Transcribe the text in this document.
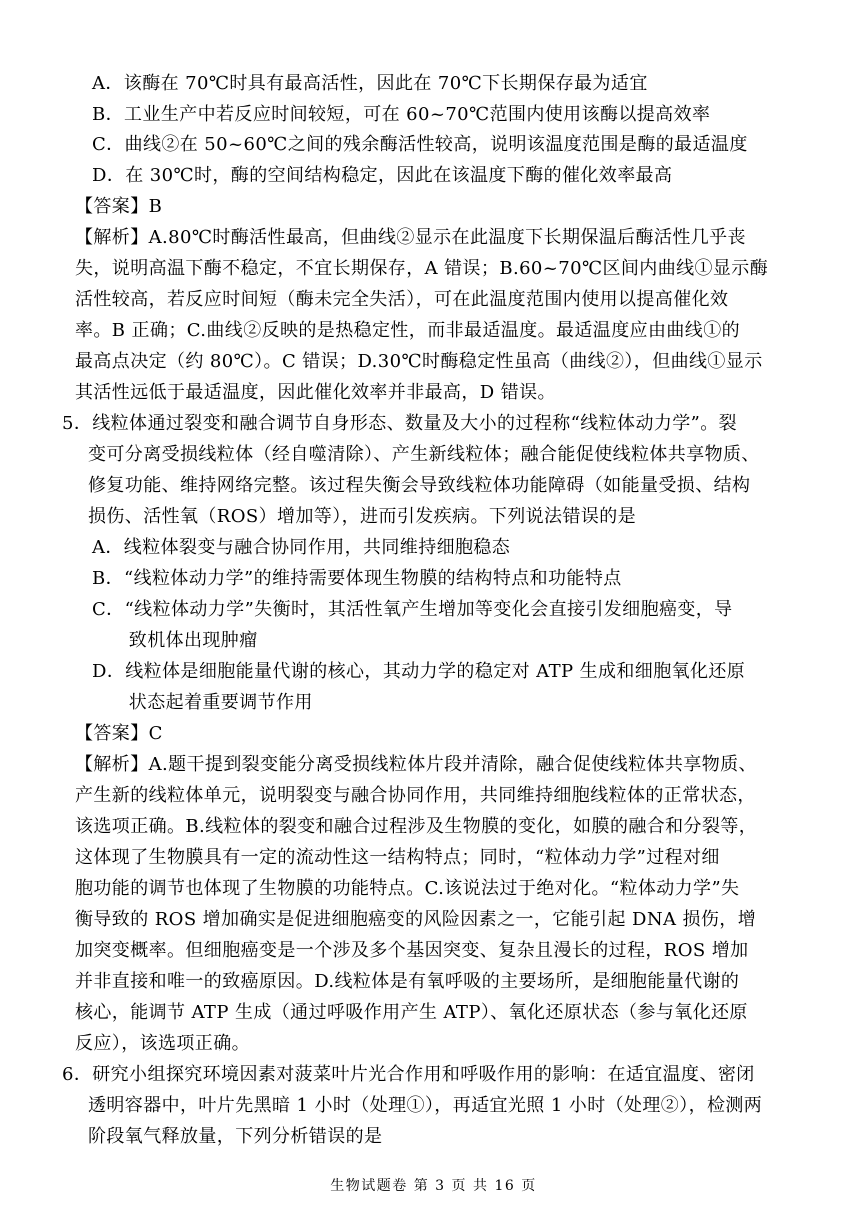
A．该酶在 70℃时具有最高活性，因此在 70℃下长期保存最为适宜
B．工业生产中若反应时间较短，可在 60~70℃范围内使用该酶以提高效率
C．曲线②在 50~60℃之间的残余酶活性较高，说明该温度范围是酶的最适温度
D．在 30℃时，酶的空间结构稳定，因此在该温度下酶的催化效率最高
【答案】B
【解析】A.80℃时酶活性最高，但曲线②显示在此温度下长期保温后酶活性几乎丧
失，说明高温下酶不稳定，不宜长期保存，A 错误；B.60~70℃区间内曲线①显示酶
活性较高，若反应时间短（酶未完全失活），可在此温度范围内使用以提高催化效
率。B 正确；C.曲线②反映的是热稳定性，而非最适温度。最适温度应由曲线①的
最高点决定（约 80℃）。C 错误；D.30℃时酶稳定性虽高（曲线②），但曲线①显示
其活性远低于最适温度，因此催化效率并非最高，D 错误。
5．线粒体通过裂变和融合调节自身形态、数量及大小的过程称“线粒体动力学”。裂
变可分离受损线粒体（经自噬清除）、产生新线粒体；融合能促使线粒体共享物质、
修复功能、维持网络完整。该过程失衡会导致线粒体功能障碍（如能量受损、结构
损伤、活性氧（ROS）增加等），进而引发疾病。下列说法错误的是
A．线粒体裂变与融合协同作用，共同维持细胞稳态
B．“线粒体动力学”的维持需要体现生物膜的结构特点和功能特点
C．“线粒体动力学”失衡时，其活性氧产生增加等变化会直接引发细胞癌变，导
　　致机体出现肿瘤
D．线粒体是细胞能量代谢的核心，其动力学的稳定对 ATP 生成和细胞氧化还原
　　状态起着重要调节作用
【答案】C
【解析】A.题干提到裂变能分离受损线粒体片段并清除，融合促使线粒体共享物质、
产生新的线粒体单元，说明裂变与融合协同作用，共同维持细胞线粒体的正常状态，
该选项正确。B.线粒体的裂变和融合过程涉及生物膜的变化，如膜的融合和分裂等，
这体现了生物膜具有一定的流动性这一结构特点；同时，“粒体动力学”过程对细
胞功能的调节也体现了生物膜的功能特点。C.该说法过于绝对化。“粒体动力学”失
衡导致的 ROS 增加确实是促进细胞癌变的风险因素之一，它能引起 DNA 损伤，增
加突变概率。但细胞癌变是一个涉及多个基因突变、复杂且漫长的过程，ROS 增加
并非直接和唯一的致癌原因。D.线粒体是有氧呼吸的主要场所，是细胞能量代谢的
核心，能调节 ATP 生成（通过呼吸作用产生 ATP）、氧化还原状态（参与氧化还原
反应），该选项正确。
6．研究小组探究环境因素对菠菜叶片光合作用和呼吸作用的影响：在适宜温度、密闭
透明容器中，叶片先黑暗 1 小时（处理①），再适宜光照 1 小时（处理②），检测两
阶段氧气释放量，下列分析错误的是
生物试题卷 第 3 页 共 16 页
